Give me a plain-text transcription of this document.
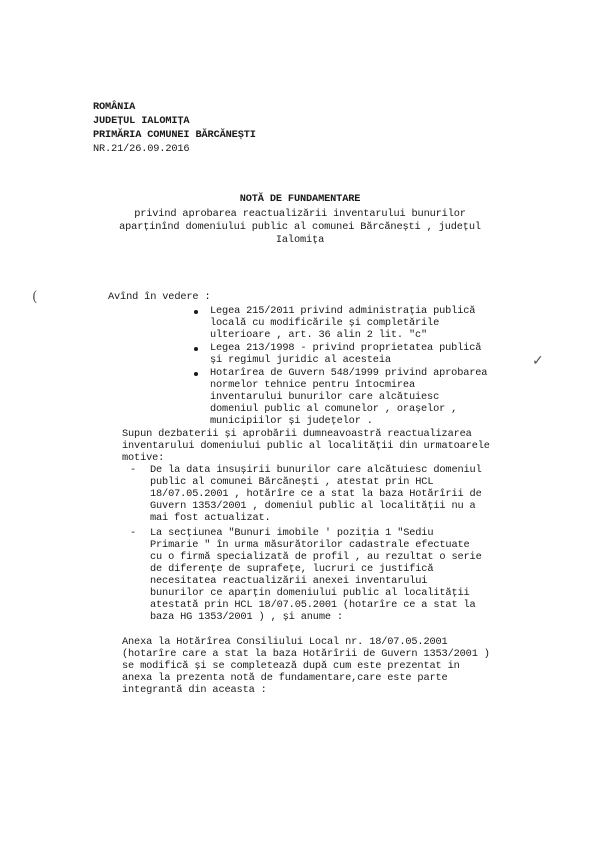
ROMÂNIA

JUDEȚUL IALOMIȚA

PRIMĂRIA COMUNEI BĂRCĂNEȘTI

NR.21/26.09.2016

NOTĂ DE FUNDAMENTARE

privind aprobarea reactualizării inventarului bunurilor

aparținînd domeniului public al comunei Bărcănești , județul

Ialomița

(
✓

Avînd în vedere :

Legea 215/2011 privind administrația publică

locală cu modificările și completările

ulterioare , art. 36 alin 2 lit. "c"

Legea 213/1998 - privind proprietatea publică

și regimul juridic al acesteia

Hotarîrea de Guvern 548/1999 privind aprobarea

normelor tehnice pentru întocmirea

inventarului bunurilor care alcătuiesc

domeniul public al comunelor , orașelor ,

municipiilor și județelor .

Supun dezbaterii și aprobării dumneavoastră reactualizarea

inventarului domeniului public al localității din urmatoarele

motive:

- De la data insușirii bunurilor care alcătuiesc domeniul

public al comunei Bărcănești , atestat prin HCL

18/07.05.2001 , hotărîre ce a stat la baza Hotărîrii de

Guvern 1353/2001 , domeniul public al localității nu a

mai fost actualizat.

- La secțiunea "Bunuri imobile ' poziția 1 "Sediu

Primarie " în urma măsurătorilor cadastrale efectuate

cu o firmă specializată de profil , au rezultat o serie

de diferențe de suprafețe, lucruri ce justifică

necesitatea reactualizării anexei inventarului

bunurilor ce aparțin domeniului public al localității

atestată prin HCL 18/07.05.2001 (hotarîre ce a stat la

baza HG 1353/2001 ) , și anume :

Anexa la Hotărîrea Consiliului Local nr. 18/07.05.2001

(hotarîre care a stat la baza Hotărîrii de Guvern 1353/2001 )

se modifică și se completează după cum este prezentat in

anexa la prezenta notă de fundamentare,care este parte

integrantă din aceasta :
